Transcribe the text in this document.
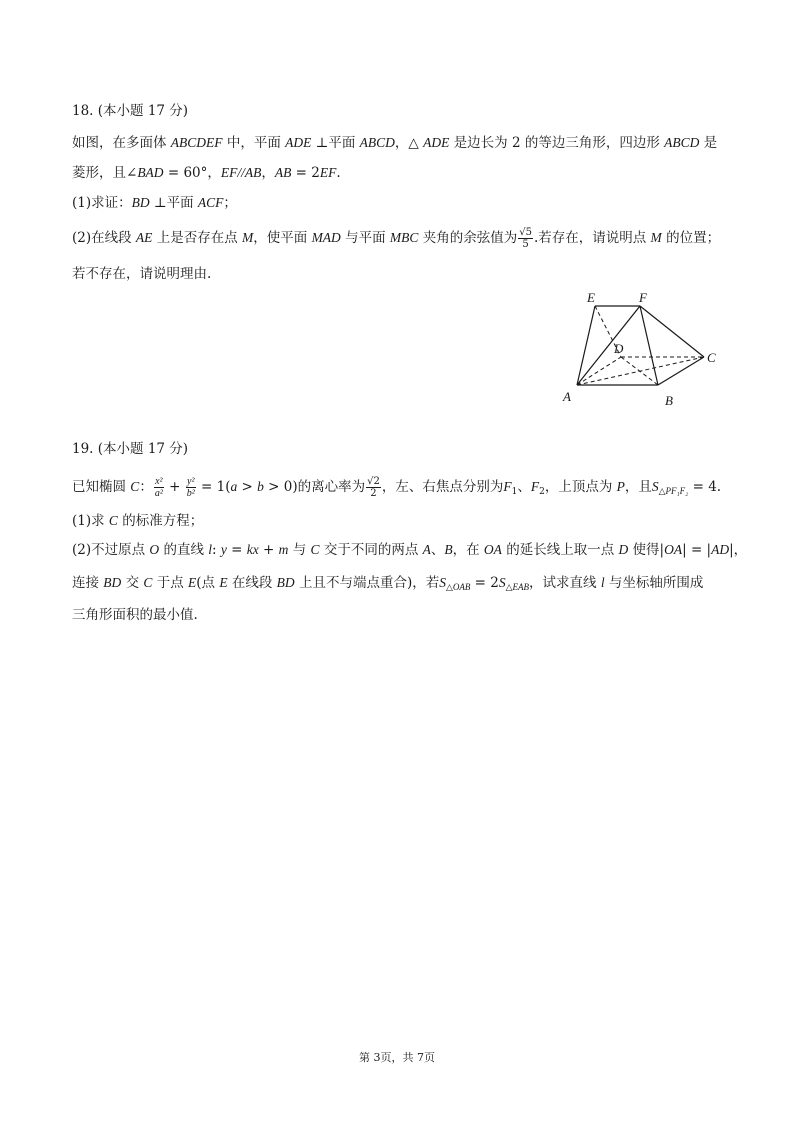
18. (本小题 17 分)
如图，在多面体 ABCDEF 中，平面 ADE ⊥平面 ABCD，△ ADE 是边长为 2 的等边三角形，四边形 ABCD 是
菱形，且∠BAD = 60°，EF//AB，AB = 2EF.
(1)求证：BD ⊥平面 ACF；
(2)在线段 AE 上是否存在点 M，使平面 MAD 与平面 MBC 夹角的余弦值为 $\frac{√5}{5}$ .若存在，请说明点 M 的位置；
若不存在，请说明理由.
E	F
D
C
A	B
19. (本小题 17 分)
已知椭圆 C： $\frac{\text{x²}}{\text{a²}} + \frac{\text{y²}}{\text{b²}} = 1(a > b > 0)$的离心率为 $\frac{√2}{2}$ ，左、右焦点分别为$F_1$、$F_2$，上顶点为 P，且$S_{\triangle PF_1F_2} = 4$.
(1)求 C 的标准方程；
(2)不过原点 O 的直线 l: y = kx + m 与 C 交于不同的两点 A、B，在 OA 的延长线上取一点 D 使得|OA| = |AD|，
连接 BD 交 C 于点 E(点 E 在线段 BD 上且不与端点重合)，若$S_{\triangle OAB} = 2S_{\triangle EAB}$，试求直线 l 与坐标轴所围成
三角形面积的最小值.
第 3页，共 7页
